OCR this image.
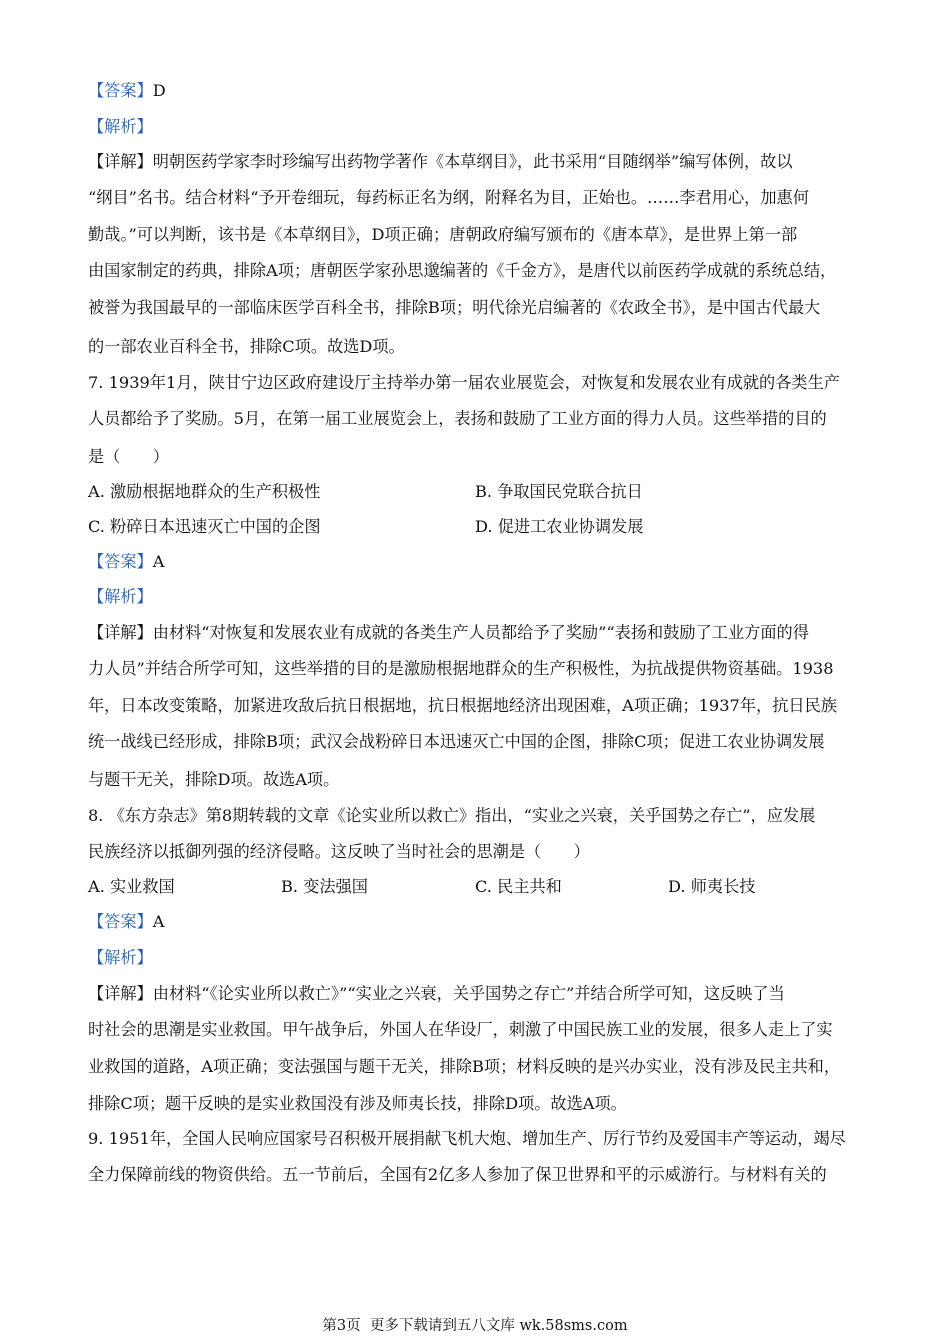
【答案】D
【解析】
【详解】明朝医药学家李时珍编写出药物学著作《本草纲目》，此书采用“目随纲举”编写体例，故以
“纲目”名书。结合材料“予开卷细玩，每药标正名为纲，附释名为目，正始也。……李君用心，加惠何
勤哉。”可以判断，该书是《本草纲目》，D项正确；唐朝政府编写颁布的《唐本草》，是世界上第一部
由国家制定的药典，排除A项；唐朝医学家孙思邈编著的《千金方》，是唐代以前医药学成就的系统总结，
被誉为我国最早的一部临床医学百科全书，排除B项；明代徐光启编著的《农政全书》，是中国古代最大
的一部农业百科全书，排除C项。故选D项。
7. 1939年1月，陕甘宁边区政府建设厅主持举办第一届农业展览会，对恢复和发展农业有成就的各类生产
人员都给予了奖励。5月，在第一届工业展览会上，表扬和鼓励了工业方面的得力人员。这些举措的目的
是（　　）
A. 激励根据地群众的生产积极性	B. 争取国民党联合抗日
C. 粉碎日本迅速灭亡中国的企图	D. 促进工农业协调发展
【答案】A
【解析】
【详解】由材料“对恢复和发展农业有成就的各类生产人员都给予了奖励”“表扬和鼓励了工业方面的得
力人员”并结合所学可知，这些举措的目的是激励根据地群众的生产积极性，为抗战提供物资基础。1938
年，日本改变策略，加紧进攻敌后抗日根据地，抗日根据地经济出现困难，A项正确；1937年，抗日民族
统一战线已经形成，排除B项；武汉会战粉碎日本迅速灭亡中国的企图，排除C项；促进工农业协调发展
与题干无关，排除D项。故选A项。
8. 《东方杂志》第8期转载的文章《论实业所以救亡》指出，“实业之兴衰，关乎国势之存亡”，应发展
民族经济以抵御列强的经济侵略。这反映了当时社会的思潮是（　　）
A. 实业救国	B. 变法强国	C. 民主共和	D. 师夷长技
【答案】A
【解析】
【详解】由材料“《论实业所以救亡》”“实业之兴衰，关乎国势之存亡”并结合所学可知，这反映了当
时社会的思潮是实业救国。甲午战争后，外国人在华设厂，刺激了中国民族工业的发展，很多人走上了实
业救国的道路，A项正确；变法强国与题干无关，排除B项；材料反映的是兴办实业，没有涉及民主共和，
排除C项；题干反映的是实业救国没有涉及师夷长技，排除D项。故选A项。
9. 1951年，全国人民响应国家号召积极开展捐献飞机大炮、增加生产、厉行节约及爱国丰产等运动，竭尽
全力保障前线的物资供给。五一节前后，全国有2亿多人参加了保卫世界和平的示威游行。与材料有关的
第3页  更多下载请到五八文库 wk.58sms.com
